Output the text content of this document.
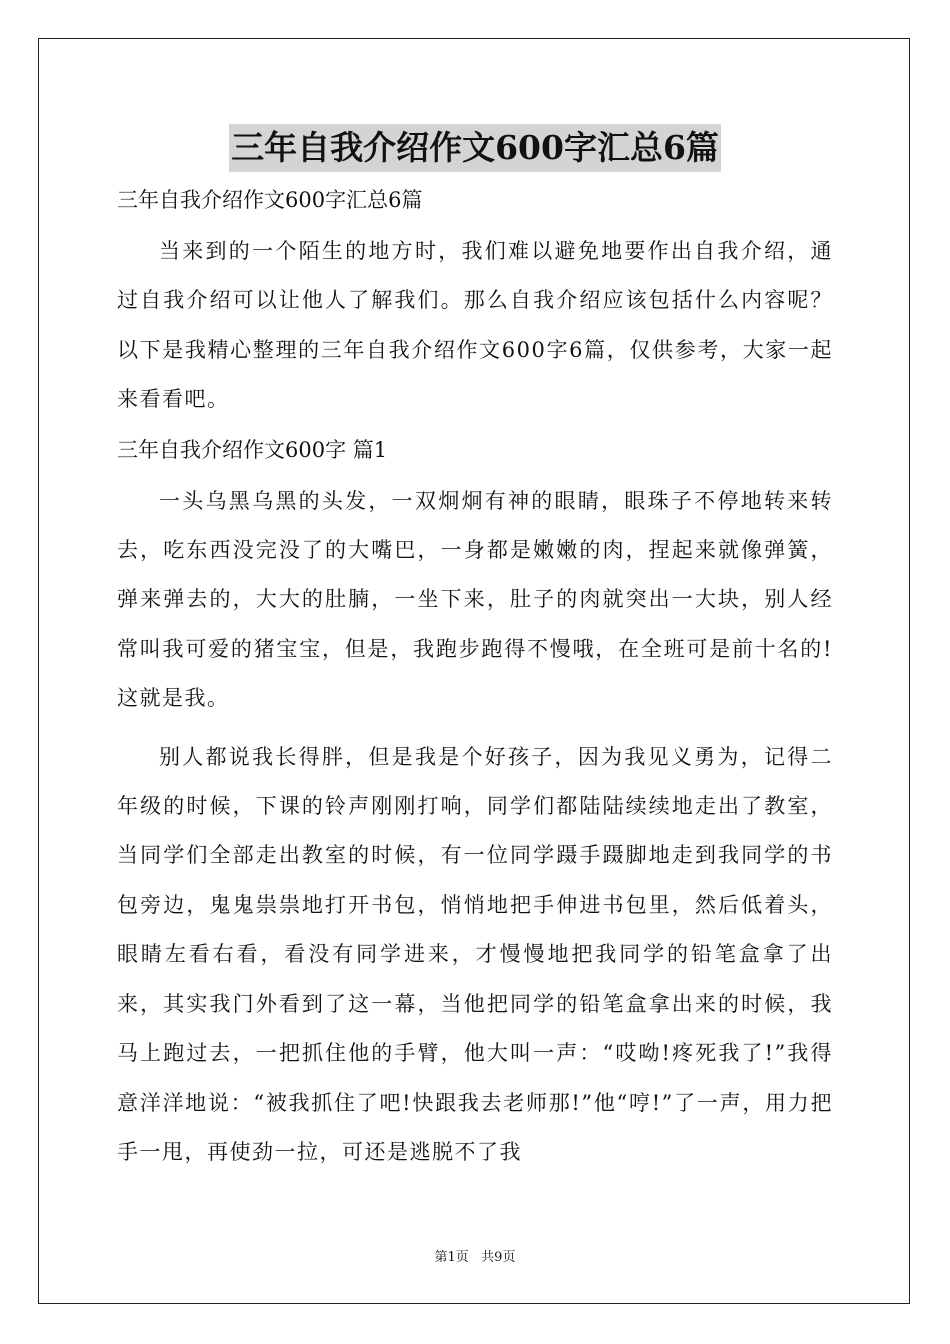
三年自我介绍作文600字汇总6篇

三年自我介绍作文600字汇总6篇

当来到的一个陌生的地方时，我们难以避免地要作出自我介绍，通过自我介绍可以让他人了解我们。那么自我介绍应该包括什么内容呢？以下是我精心整理的三年自我介绍作文600字6篇，仅供参考，大家一起来看看吧。

三年自我介绍作文600字 篇1

一头乌黑乌黑的头发，一双炯炯有神的眼睛，眼珠子不停地转来转去，吃东西没完没了的大嘴巴，一身都是嫩嫩的肉，捏起来就像弹簧，弹来弹去的，大大的肚腩，一坐下来，肚子的肉就突出一大块，别人经常叫我可爱的猪宝宝，但是，我跑步跑得不慢哦，在全班可是前十名的!这就是我。

别人都说我长得胖，但是我是个好孩子，因为我见义勇为，记得二年级的时候，下课的铃声刚刚打响，同学们都陆陆续续地走出了教室，当同学们全部走出教室的时候，有一位同学蹑手蹑脚地走到我同学的书包旁边，鬼鬼祟祟地打开书包，悄悄地把手伸进书包里，然后低着头，眼睛左看右看，看没有同学进来，才慢慢地把我同学的铅笔盒拿了出来，其实我门外看到了这一幕，当他把同学的铅笔盒拿出来的时候，我马上跑过去，一把抓住他的手臂，他大叫一声：“哎呦!疼死我了!”我得意洋洋地说：“被我抓住了吧!快跟我去老师那!”他“哼!”了一声，用力把手一甩，再使劲一拉，可还是逃脱不了我

第1页   共9页
